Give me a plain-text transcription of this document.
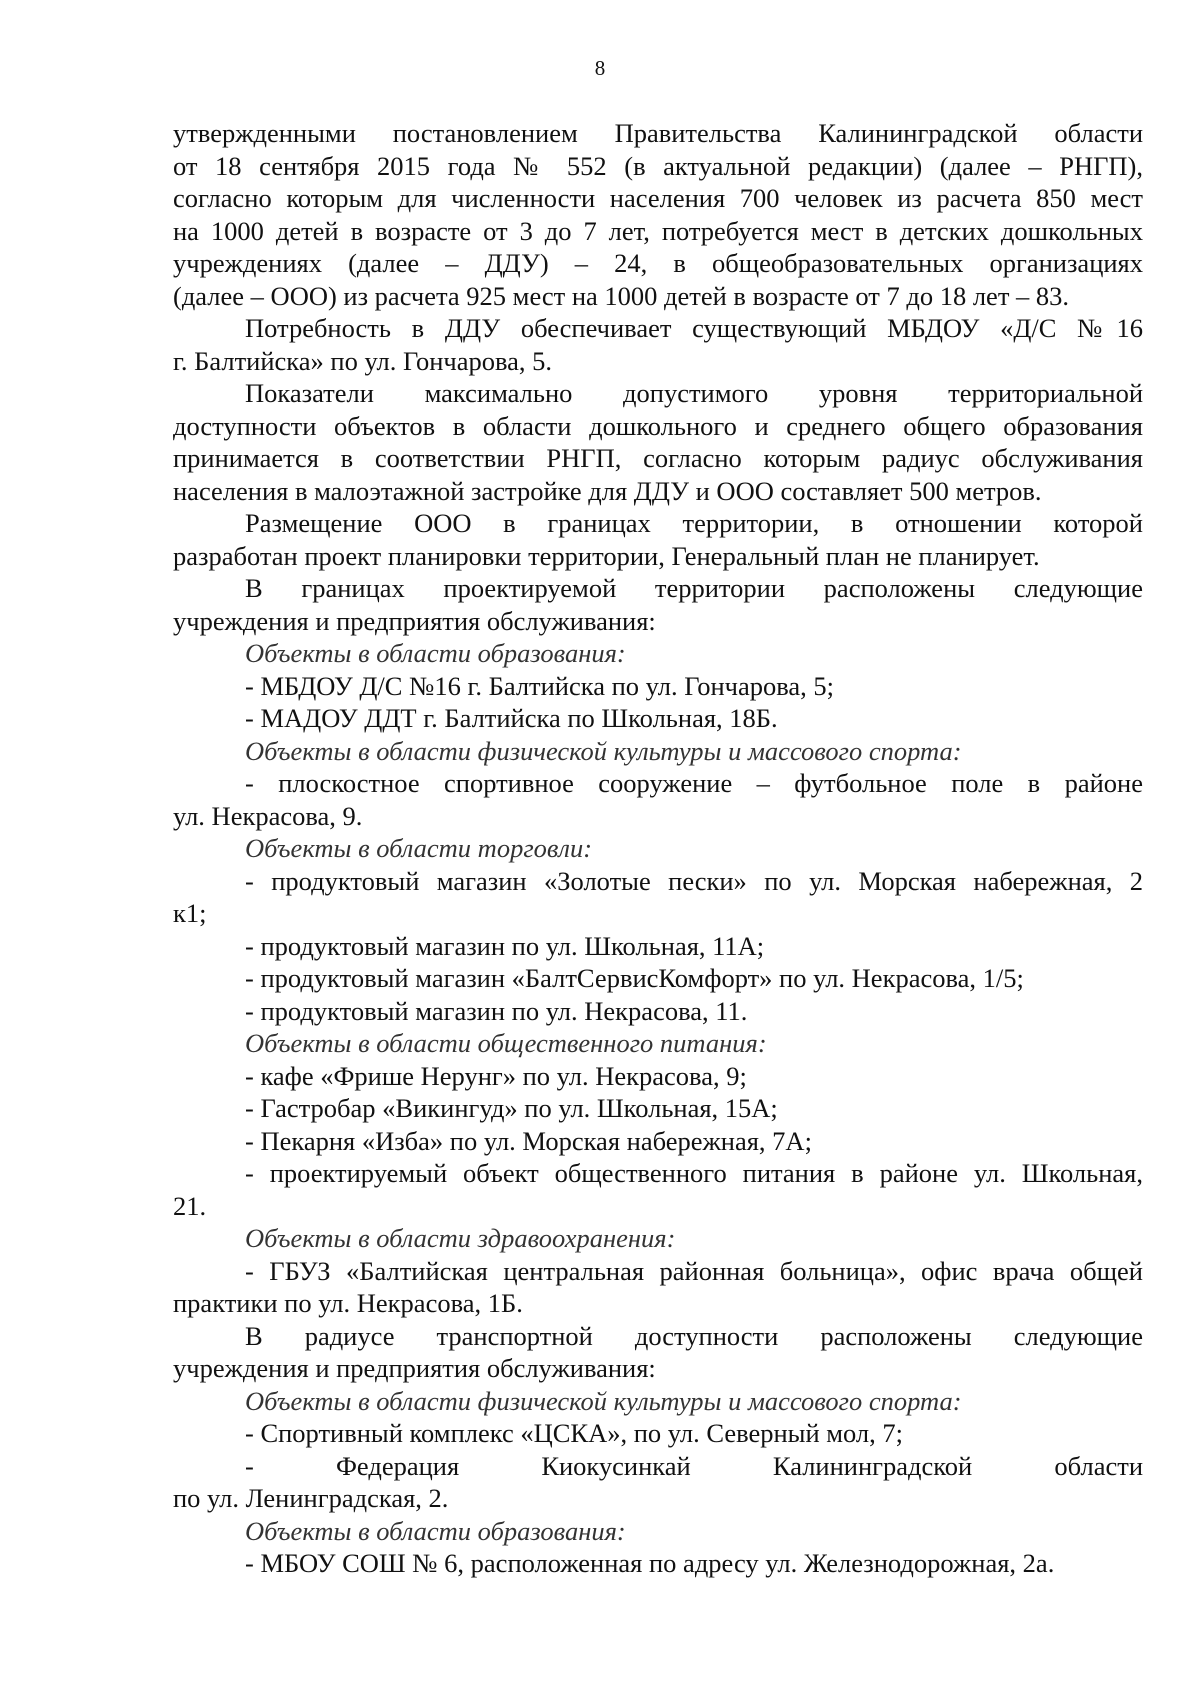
8
утвержденными постановлением Правительства Калининградской области
от 18 сентября 2015 года № 552 (в актуальной редакции) (далее – РНГП),
согласно которым для численности населения 700 человек из расчета 850 мест
на 1000 детей в возрасте от 3 до 7 лет, потребуется мест в детских дошкольных
учреждениях (далее – ДДУ) – 24, в общеобразовательных организациях
(далее – ООО) из расчета 925 мест на 1000 детей в возрасте от 7 до 18 лет – 83.
Потребность в ДДУ обеспечивает существующий МБДОУ «Д/С №16
г. Балтийска» по ул. Гончарова, 5.
Показатели максимально допустимого уровня территориальной
доступности объектов в области дошкольного и среднего общего образования
принимается в соответствии РНГП, согласно которым радиус обслуживания
населения в малоэтажной застройке для ДДУ и ООО составляет 500 метров.
Размещение ООО в границах территории, в отношении которой
разработан проект планировки территории, Генеральный план не планирует.
В границах проектируемой территории расположены следующие
учреждения и предприятия обслуживания:
Объекты в области образования:
- МБДОУ Д/С №16 г. Балтийска по ул. Гончарова, 5;
- МАДОУ ДДТ г. Балтийска по Школьная, 18Б.
Объекты в области физической культуры и массового спорта:
- плоскостное спортивное сооружение – футбольное поле в районе
ул. Некрасова, 9.
Объекты в области торговли:
- продуктовый магазин «Золотые пески» по ул. Морская набережная, 2
к1;
- продуктовый магазин по ул. Школьная, 11А;
- продуктовый магазин «БалтСервисКомфорт» по ул. Некрасова, 1/5;
- продуктовый магазин по ул. Некрасова, 11.
Объекты в области общественного питания:
- кафе «Фрише Нерунг» по ул. Некрасова, 9;
- Гастробар «Викингуд» по ул. Школьная, 15А;
- Пекарня «Изба» по ул. Морская набережная, 7А;
- проектируемый объект общественного питания в районе ул. Школьная,
21.
Объекты в области здравоохранения:
- ГБУЗ «Балтийская центральная районная больница», офис врача общей
практики по ул. Некрасова, 1Б.
В радиусе транспортной доступности расположены следующие
учреждения и предприятия обслуживания:
Объекты в области физической культуры и массового спорта:
- Спортивный комплекс «ЦСКА», по ул. Северный мол, 7;
- Федерация Киокусинкай Калининградской области
по ул. Ленинградская, 2.
Объекты в области образования:
- МБОУ СОШ № 6, расположенная по адресу ул. Железнодорожная, 2а.
